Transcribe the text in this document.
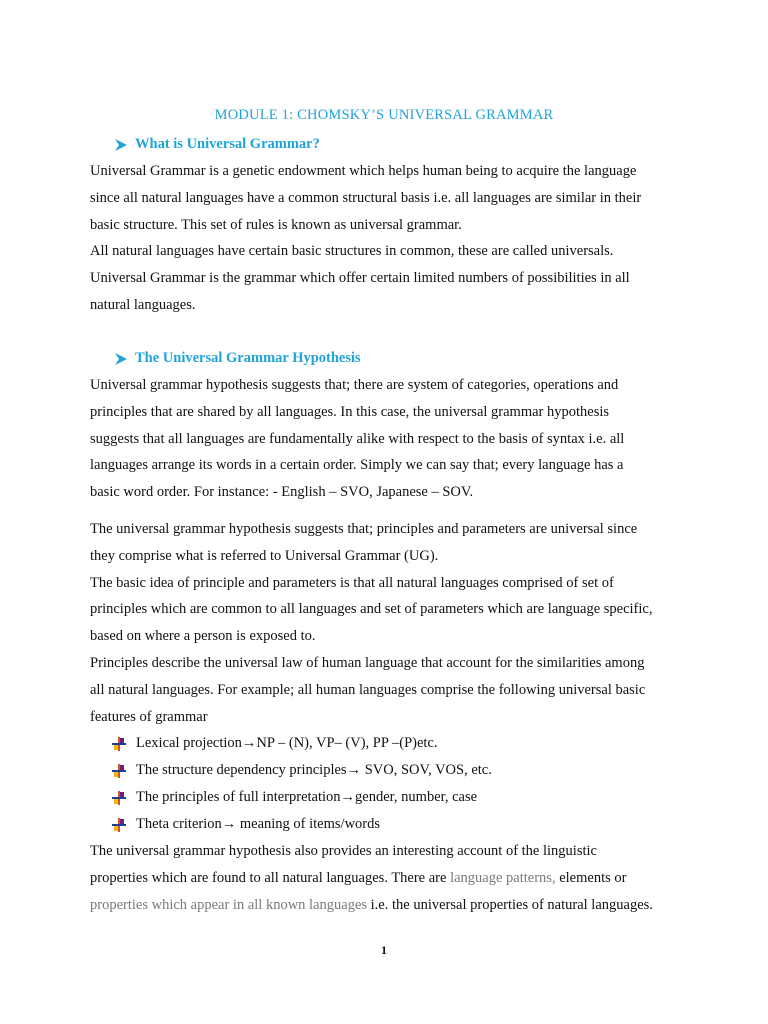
MODULE 1: CHOMSKY’S UNIVERSAL GRAMMAR
What is Universal Grammar?
Universal Grammar is a genetic endowment which helps human being to acquire the language
since all natural languages have a common structural basis i.e. all languages are similar in their
basic structure. This set of rules is known as universal grammar.
All natural languages have certain basic structures in common, these are called universals.
Universal Grammar is the grammar which offer certain limited numbers of possibilities in all
natural languages.
The Universal Grammar Hypothesis
Universal grammar hypothesis suggests that; there are system of categories, operations and
principles that are shared by all languages. In this case, the universal grammar hypothesis
suggests that all languages are fundamentally alike with respect to the basis of syntax i.e. all
languages arrange its words in a certain order. Simply we can say that; every language has a
basic word order. For instance: - English – SVO, Japanese – SOV.
The universal grammar hypothesis suggests that; principles and parameters are universal since
they comprise what is referred to Universal Grammar (UG).
The basic idea of principle and parameters is that all natural languages comprised of set of
principles which are common to all languages and set of parameters which are language specific,
based on where a person is exposed to.
Principles describe the universal law of human language that account for the similarities among
all natural languages. For example; all human languages comprise the following universal basic
features of grammar
Lexical projection→NP – (N), VP– (V), PP –(P)etc.
The structure dependency principles→ SVO, SOV, VOS, etc.
The principles of full interpretation→gender, number, case
Theta criterion→ meaning of items/words
The universal grammar hypothesis also provides an interesting account of the linguistic
properties which are found to all natural languages. There are language patterns, elements or
properties which appear in all known languages i.e. the universal properties of natural languages.
1
